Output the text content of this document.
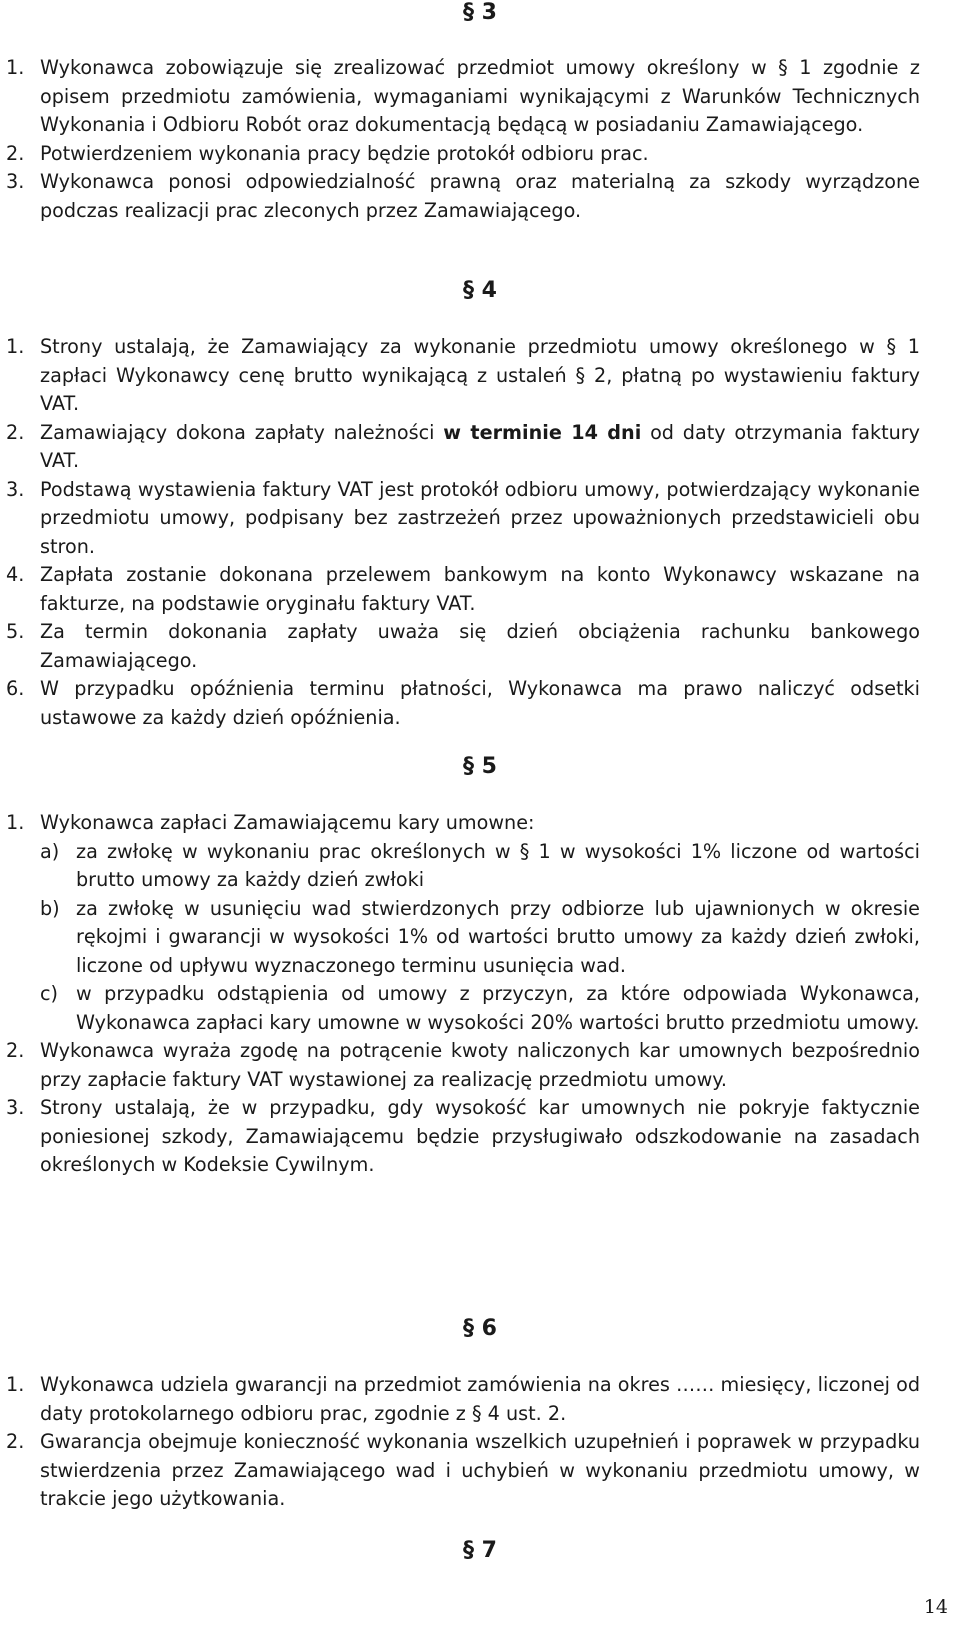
§ 3
1. Wykonawca zobowiązuje się zrealizować przedmiot umowy określony w § 1 zgodnie z opisem przedmiotu zamówienia, wymaganiami wynikającymi z Warunków Technicznych Wykonania i Odbioru Robót oraz dokumentacją będącą w posiadaniu Zamawiającego.
2. Potwierdzeniem wykonania pracy będzie protokół odbioru prac.
3. Wykonawca ponosi odpowiedzialność prawną oraz materialną za szkody wyrządzone podczas realizacji prac zleconych przez Zamawiającego.
§ 4
1. Strony ustalają, że Zamawiający za wykonanie przedmiotu umowy określonego w § 1 zapłaci Wykonawcy cenę brutto wynikającą z ustaleń § 2, płatną po wystawieniu faktury VAT.
2. Zamawiający dokona zapłaty należności w terminie 14 dni od daty otrzymania faktury VAT.
3. Podstawą wystawienia faktury VAT jest protokół odbioru umowy, potwierdzający wykonanie przedmiotu umowy, podpisany bez zastrzeżeń przez upoważnionych przedstawicieli obu stron.
4. Zapłata zostanie dokonana przelewem bankowym na konto Wykonawcy wskazane na fakturze, na podstawie oryginału faktury VAT.
5. Za termin dokonania zapłaty uważa się dzień obciążenia rachunku bankowego Zamawiającego.
6. W przypadku opóźnienia terminu płatności, Wykonawca ma prawo naliczyć odsetki ustawowe za każdy dzień opóźnienia.
§ 5
1. Wykonawca zapłaci Zamawiającemu kary umowne:
a) za zwłokę w wykonaniu prac określonych w § 1 w wysokości 1% liczone od wartości brutto umowy za każdy dzień zwłoki
b) za zwłokę w usunięciu wad stwierdzonych przy odbiorze lub ujawnionych w okresie rękojmi i gwarancji w wysokości 1% od wartości brutto umowy za każdy dzień zwłoki, liczone od upływu wyznaczonego terminu usunięcia wad.
c) w przypadku odstąpienia od umowy z przyczyn, za które odpowiada Wykonawca, Wykonawca zapłaci kary umowne w wysokości 20% wartości brutto przedmiotu umowy.
2. Wykonawca wyraża zgodę na potrącenie kwoty naliczonych kar umownych bezpośrednio przy zapłacie faktury VAT wystawionej za realizację przedmiotu umowy.
3. Strony ustalają, że w przypadku, gdy wysokość kar umownych nie pokryje faktycznie poniesionej szkody, Zamawiającemu będzie przysługiwało odszkodowanie na zasadach określonych w Kodeksie Cywilnym.
§ 6
1. Wykonawca udziela gwarancji na przedmiot zamówienia na okres …… miesięcy, liczonej od daty protokolarnego odbioru prac, zgodnie z § 4 ust. 2.
2. Gwarancja obejmuje konieczność wykonania wszelkich uzupełnień i poprawek w przypadku stwierdzenia przez Zamawiającego wad i uchybień w wykonaniu przedmiotu umowy, w trakcie jego użytkowania.
§ 7
14
